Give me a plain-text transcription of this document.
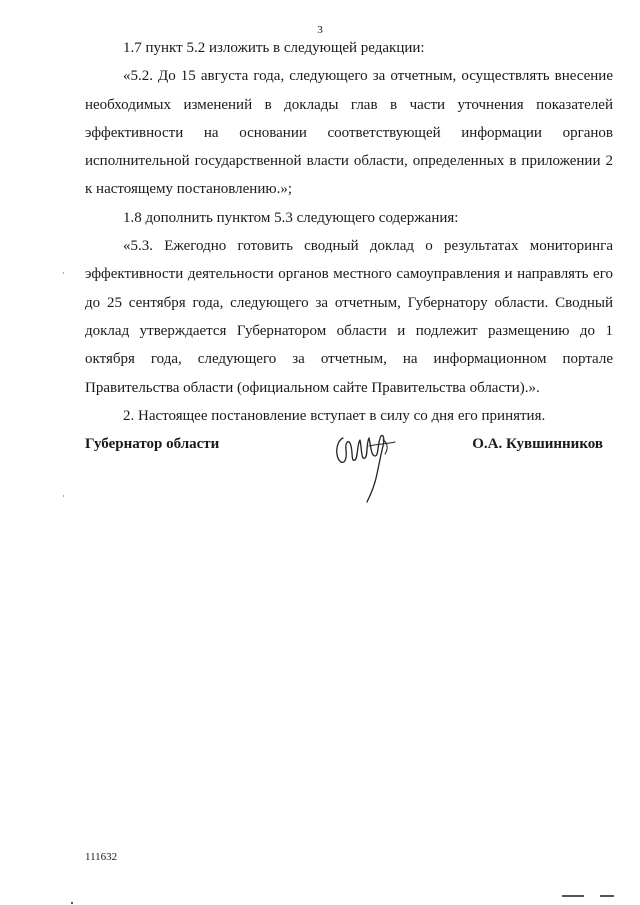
3

1.7 пункт 5.2 изложить в следующей редакции:

«5.2. До 15 августа года, следующего за отчетным, осуществлять внесение
необходимых изменений в доклады глав в части уточнения показателей
эффективности на основании соответствующей информации органов
исполнительной государственной власти области, определенных в приложении 2
к настоящему постановлению.»;

1.8 дополнить пунктом 5.3 следующего содержания:

«5.3. Ежегодно готовить сводный доклад о результатах мониторинга
эффективности деятельности органов местного самоуправления и направлять его
до 25 сентября года, следующего за отчетным, Губернатору области. Сводный
доклад утверждается Губернатором области и подлежит размещению до 1
октября года, следующего за отчетным, на информационном портале
Правительства области (официальном сайте Правительства области).».

2. Настоящее постановление вступает в силу со дня его принятия.

Губернатор области	О.А. Кувшинников
111632
